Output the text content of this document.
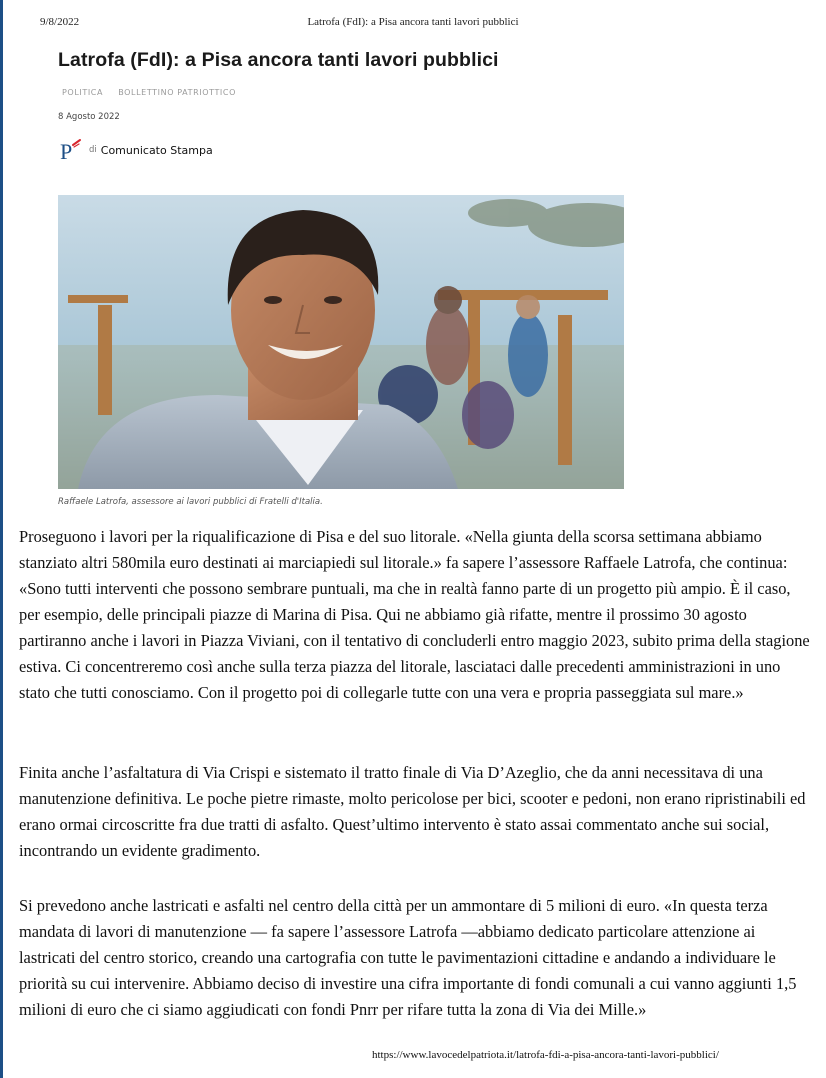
9/8/2022	Latrofa (FdI): a Pisa ancora tanti lavori pubblici
Latrofa (FdI): a Pisa ancora tanti lavori pubblici
POLITICA BOLLETTINO PATRIOTTICO
8 Agosto 2022
P di Comunicato Stampa
Raffaele Latrofa, assessore ai lavori pubblici di Fratelli d'Italia.

Proseguono i lavori per la riqualificazione di Pisa e del suo litorale. «Nella giunta della scorsa settimana abbiamo stanziato altri 580mila euro destinati ai marciapiedi sul litorale.» fa sapere l’assessore Raffaele Latrofa, che continua: «Sono tutti interventi che possono sembrare puntuali, ma che in realtà fanno parte di un progetto più ampio. È il caso, per esempio, delle principali piazze di Marina di Pisa. Qui ne abbiamo già rifatte, mentre il prossimo 30 agosto partiranno anche i lavori in Piazza Viviani, con il tentativo di concluderli entro maggio 2023, subito prima della stagione estiva. Ci concentreremo così anche sulla terza piazza del litorale, lasciataci dalle precedenti amministrazioni in uno stato che tutti conosciamo. Con il progetto poi di collegarle tutte con una vera e propria passeggiata sul mare.»

Finita anche l’asfaltatura di Via Crispi e sistemato il tratto finale di Via D’Azeglio, che da anni necessitava di una manutenzione definitiva. Le poche pietre rimaste, molto pericolose per bici, scooter e pedoni, non erano ripristinabili ed erano ormai circoscritte fra due tratti di asfalto. Quest’ultimo intervento è stato assai commentato anche sui social, incontrando un evidente gradimento.

Si prevedono anche lastricati e asfalti nel centro della città per un ammontare di 5 milioni di euro. «In questa terza mandata di lavori di manutenzione — fa sapere l’assessore Latrofa —abbiamo dedicato particolare attenzione ai lastricati del centro storico, creando una cartografia con tutte le pavimentazioni cittadine e andando a individuare le priorità su cui intervenire. Abbiamo deciso di investire una cifra importante di fondi comunali a cui vanno aggiunti 1,5 milioni di euro che ci siamo aggiudicati con fondi Pnrr per rifare tutta la zona di Via dei Mille.»

https://www.lavocedelpatriota.it/latrofa-fdi-a-pisa-ancora-tanti-lavori-pubblici/
